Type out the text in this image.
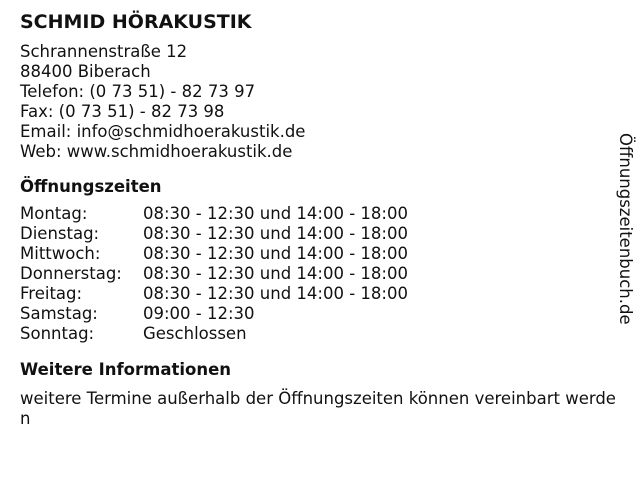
SCHMID HÖRAKUSTIK
Schrannenstraße 12
88400 Biberach
Telefon: (0 73 51) - 82 73 97
Fax: (0 73 51) - 82 73 98
Email: info@schmidhoerakustik.de
Web: www.schmidhoerakustik.de
Öffnungszeiten
Montag:	08:30 - 12:30 und 14:00 - 18:00
Dienstag:	08:30 - 12:30 und 14:00 - 18:00
Mittwoch:	08:30 - 12:30 und 14:00 - 18:00
Donnerstag:	08:30 - 12:30 und 14:00 - 18:00
Freitag:	08:30 - 12:30 und 14:00 - 18:00
Samstag:	09:00 - 12:30
Sonntag:	Geschlossen
Weitere Informationen
weitere Termine außerhalb der Öffnungszeiten können vereinbart werden
Öffnungszeitenbuch.de
